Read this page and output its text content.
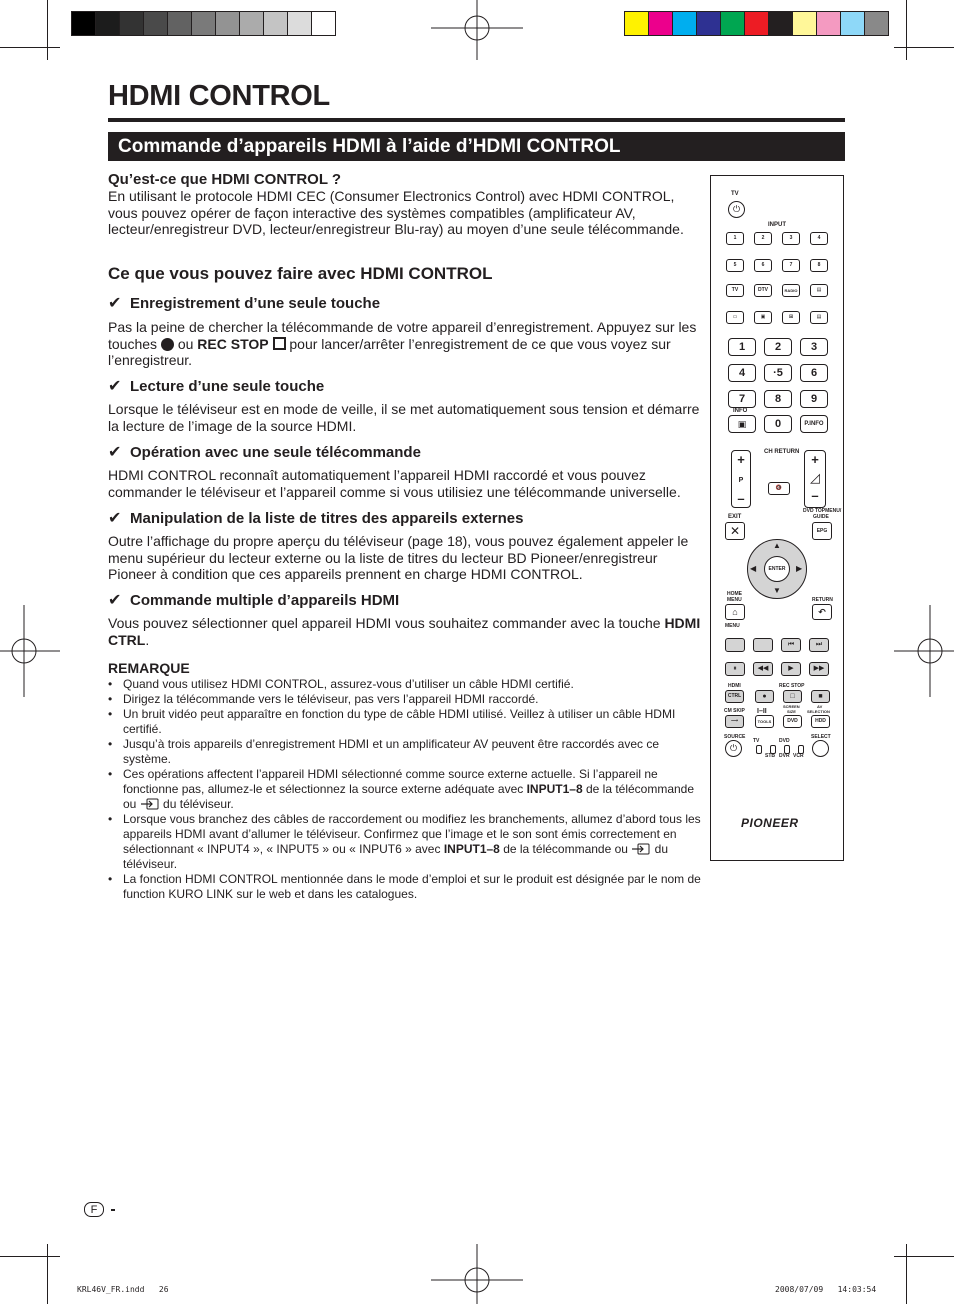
HDMI CONTROL
Commande d’appareils HDMI à l’aide d’HDMI CONTROL
Qu’est-ce que HDMI CONTROL ?

En utilisant le protocole HDMI CEC (Consumer Electronics Control) avec HDMI CONTROL, vous pouvez opérer de façon interactive des systèmes compatibles (amplificateur AV, lecteur/enregistreur DVD, lecteur/enregistreur Blu-ray) au moyen d’une seule télécommande.

Ce que vous pouvez faire avec HDMI CONTROL
✔ Enregistrement d’une seule touche

Pas la peine de chercher la télécommande de votre appareil d’enregistrement. Appuyez sur les touches ou REC STOP pour lancer/arrêter l’enregistrement de ce que vous voyez sur l’enregistreur.

✔ Lecture d’une seule touche

Lorsque le téléviseur est en mode de veille, il se met automatiquement sous tension et démarre la lecture de l’image de la source HDMI.

✔ Opération avec une seule télécommande

HDMI CONTROL reconnaît automatiquement l’appareil HDMI raccordé et vous pouvez commander le téléviseur et l’appareil comme si vous utilisiez une télécommande universelle.

✔ Manipulation de la liste de titres des appareils externes

Outre l’affichage du propre aperçu du téléviseur (page 18), vous pouvez également appeler le menu supérieur du lecteur externe ou la liste de titres du lecteur BD Pioneer/enregistreur Pioneer à condition que ces appareils prennent en charge HDMI CONTROL.

✔ Commande multiple d’appareils HDMI

Vous pouvez sélectionner quel appareil HDMI vous souhaitez commander avec la touche HDMI CTRL.

REMARQUE
• Quand vous utilisez HDMI CONTROL, assurez-vous d’utiliser un câble HDMI certifié.
• Dirigez la télécommande vers le téléviseur, pas vers l’appareil HDMI raccordé.
• Un bruit vidéo peut apparaître en fonction du type de câble HDMI utilisé. Veillez à utiliser un câble HDMI certifié.
• Jusqu’à trois appareils d’enregistrement HDMI et un amplificateur AV peuvent être raccordés avec ce système.
• Ces opérations affectent l’appareil HDMI sélectionné comme source externe actuelle. Si l’appareil ne fonctionne pas, allumez-le et sélectionnez la source externe adéquate avec INPUT1–8 de la télécommande ou du téléviseur.
• Lorsque vous branchez des câbles de raccordement ou modifiez les branchements, allumez d’abord tous les appareils HDMI avant d’allumer le téléviseur. Confirmez que l’image et le son sont émis correctement en sélectionnant « INPUT4 », « INPUT5 » ou « INPUT6 » avec INPUT1–8 de la télécommande ou du téléviseur.
• La fonction HDMI CONTROL mentionnée dans le mode d’emploi et sur le produit est désignée par le nom de function KURO LINK sur le web et dans les catalogues.
TV
⏻
INPUT
1	2	3	4
5	6	7	8
TV	DTV	RADIO	▤
▭	▣	⊞	▤
1	2	3
4	·5	6
7	8	9
INFO
▣	0	P.INFO
CH RETURN
+
P
–
🔇
+
◿
–
EXIT
✕
DVD TOPMENU/
GUIDE
EPG
ENTER
▲
▼
◀	▶
HOME
MENU
⌂
RETURN
↶
MENU
⏮	⏭
⏸	◀◀	▶	▶▶
HDMI
CTRL	●
REC STOP
□	■
CM SKIP
⟶
I–II
TOOLS
SCREEN
SIZE
DVD
AV
SELECTION
HDD
SOURCE
⏻
TV	DVD
STB DVR VCR
SELECT
PIONEER
F
KRL46V_FR.indd   26	2008/07/09   14:03:54
